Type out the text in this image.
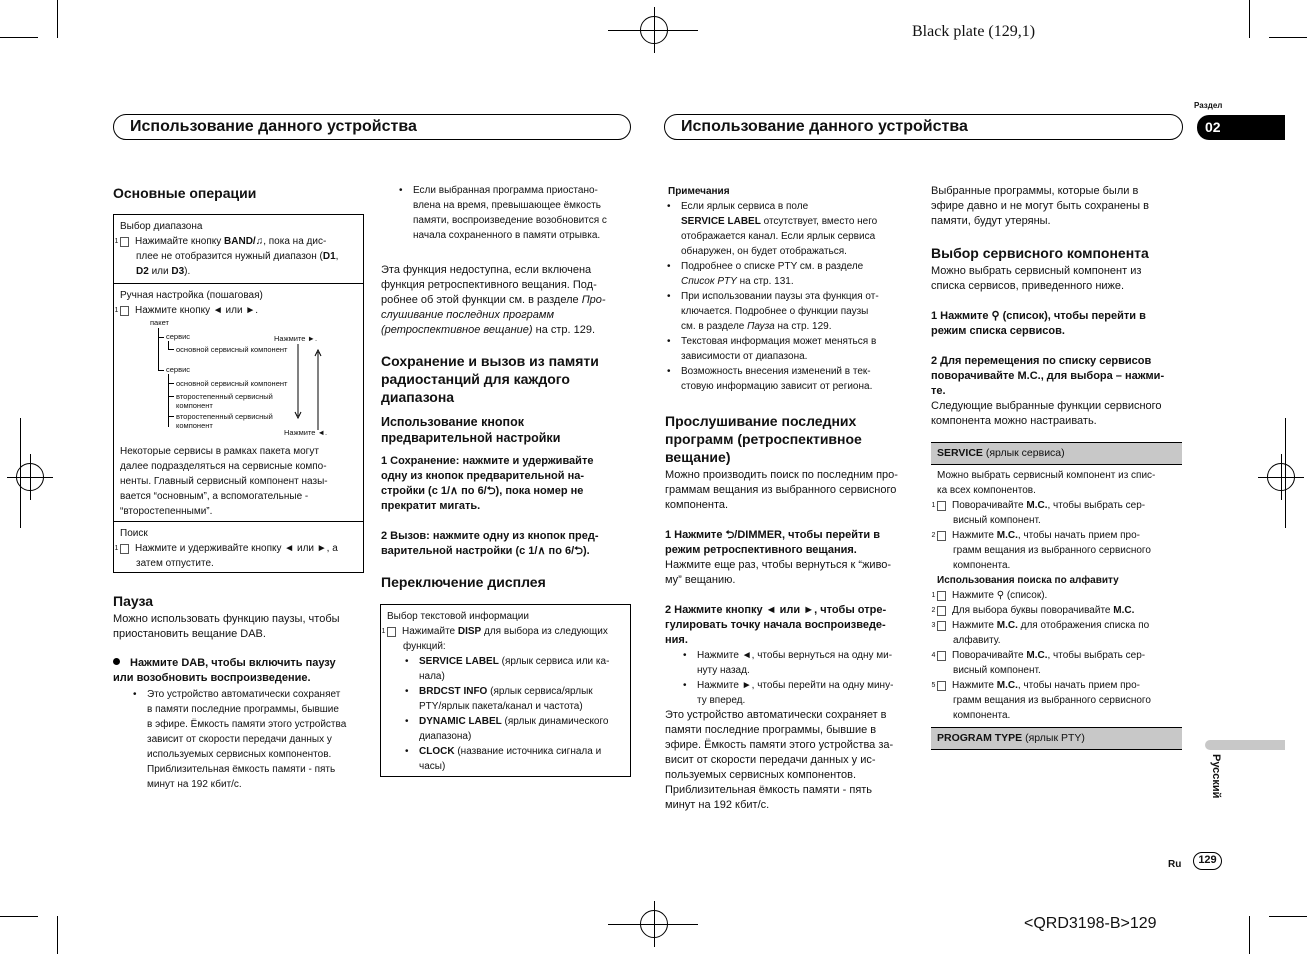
Black plate (129,1)
<QRD3198-B>129
Использование данного устройства	Использование данного устройства
Раздел
02
Русский
Ru	129
Основные операции
Выбор диапазона
1 Нажимайте кнопку BAND/♫, пока на дис-
плее не отобразится нужный диапазон (D1,
D2 или D3).
Ручная настройка (пошаговая)
1 Нажмите кнопку ◄ или ►.
пакет
сервис
основной сервисный компонент
Нажмите ►.
сервис
основной сервисный компонент
второстепенный сервисный
компонент
второстепенный сервисный
компонент
Нажмите ◄.
Некоторые сервисы в рамках пакета могут
далее подразделяться на сервисные компо-
ненты. Главный сервисный компонент назы-
вается “основным”, а вспомогательные -
“второстепенными”.
Поиск
1 Нажмите и удерживайте кнопку ◄ или ►, а
затем отпустите.
Пауза
Можно использовать функцию паузы, чтобы
приостановить вещание DAB.
Нажмите DAB, чтобы включить паузу
или возобновить воспроизведение.
• Это устройство автоматически сохраняет
в памяти последние программы, бывшие
в эфире. Ёмкость памяти этого устройства
зависит от скорости передачи данных у
используемых сервисных компонентов.
Приблизительная ёмкость памяти - пять
минут на 192 кбит/с.
• Если выбранная программа приостано-
влена на время, превышающее ёмкость
памяти, воспроизведение возобновится с
начала сохраненного в памяти отрывка.
Эта функция недоступна, если включена
функция ретроспективного вещания. Под-
робнее об этой функции см. в разделе Про-
слушивание последних программ
(ретроспективное вещание) на стр. 129.
Сохранение и вызов из памяти
радиостанций для каждого
диапазона
Использование кнопок
предварительной настройки
1 Сохранение: нажмите и удерживайте
одну из кнопок предварительной на-
стройки (с 1/∧ по 6/⮌), пока номер не
прекратит мигать.
2 Вызов: нажмите одну из кнопок пред-
варительной настройки (с 1/∧ по 6/⮌).
Переключение дисплея
Выбор текстовой информации
1 Нажимайте DISP для выбора из следующих
функций:
• SERVICE LABEL (ярлык сервиса или ка-
нала)
• BRDCST INFO (ярлык сервиса/ярлык
PTY/ярлык пакета/канал и частота)
• DYNAMIC LABEL (ярлык динамического
диапазона)
• CLOCK (название источника сигнала и
часы)
Примечания
• Если ярлык сервиса в поле
SERVICE LABEL отсутствует, вместо него
отображается канал. Если ярлык сервиса
обнаружен, он будет отображаться.
• Подробнее о списке PTY см. в разделе
Список PTY на стр. 131.
• При использовании паузы эта функция от-
ключается. Подробнее о функции паузы
см. в разделе Пауза на стр. 129.
• Текстовая информация может меняться в
зависимости от диапазона.
• Возможность внесения изменений в тек-
стовую информацию зависит от региона.
Прослушивание последних
программ (ретроспективное
вещание)
Можно производить поиск по последним про-
граммам вещания из выбранного сервисного
компонента.
1 Нажмите ⮌/DIMMER, чтобы перейти в
режим ретроспективного вещания.
Нажмите еще раз, чтобы вернуться к “живо-
му” вещанию.
2 Нажмите кнопку ◄ или ►, чтобы отре-
гулировать точку начала воспроизведе-
ния.
• Нажмите ◄, чтобы вернуться на одну ми-
нуту назад.
• Нажмите ►, чтобы перейти на одну мину-
ту вперед.
Это устройство автоматически сохраняет в
памяти последние программы, бывшие в
эфире. Ёмкость памяти этого устройства за-
висит от скорости передачи данных у ис-
пользуемых сервисных компонентов.
Приблизительная ёмкость памяти - пять
минут на 192 кбит/с.
Выбранные программы, которые были в
эфире давно и не могут быть сохранены в
памяти, будут утеряны.
Выбор сервисного компонента
Можно выбрать сервисный компонент из
списка сервисов, приведенного ниже.
1 Нажмите ⚲ (список), чтобы перейти в
режим списка сервисов.
2 Для перемещения по списку сервисов
поворачивайте M.C., для выбора – нажми-
те.
Следующие выбранные функции сервисного
компонента можно настраивать.
SERVICE (ярлык сервиса)
Можно выбрать сервисный компонент из спис-
ка всех компонентов.
1 Поворачивайте M.C., чтобы выбрать сер-
висный компонент.
2 Нажмите M.C., чтобы начать прием про-
грамм вещания из выбранного сервисного
компонента.
Использования поиска по алфавиту
1 Нажмите ⚲ (список).
2 Для выбора буквы поворачивайте M.C.
3 Нажмите M.C. для отображения списка по
алфавиту.
4 Поворачивайте M.C., чтобы выбрать сер-
висный компонент.
5 Нажмите M.C., чтобы начать прием про-
грамм вещания из выбранного сервисного
компонента.
PROGRAM TYPE (ярлык PTY)
